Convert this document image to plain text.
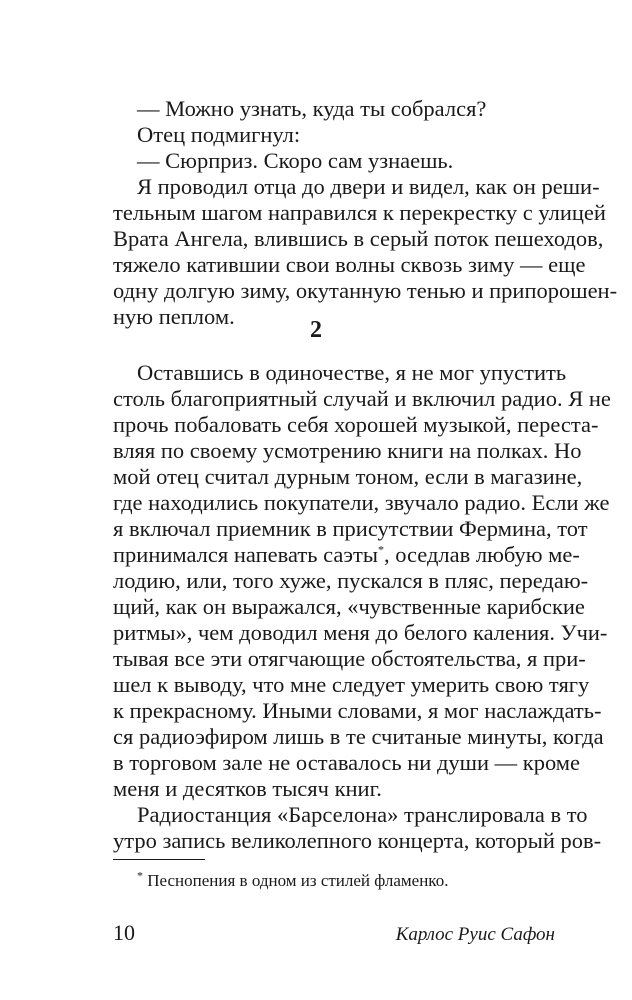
— Можно узнать, куда ты собрался?
Отец подмигнул:
— Сюрприз. Скоро сам узнаешь.
Я проводил отца до двери и видел, как он реши-
тельным шагом направился к перекрестку с улицей
Врата Ангела, влившись в серый поток пешеходов,
тяжело катившии свои волны сквозь зиму — еще
одну долгую зиму, окутанную тенью и припорошен-
ную пеплом.
2
Оставшись в одиночестве, я не мог упустить
столь благоприятный случай и включил радио. Я не
прочь побаловать себя хорошей музыкой, переста-
вляя по своему усмотрению книги на полках. Но
мой отец считал дурным тоном, если в магазине,
где находились покупатели, звучало радио. Если же
я включал приемник в присутствии Фермина, тот
принимался напевать саэты*, оседлав любую ме-
лодию, или, того хуже, пускался в пляс, передаю-
щий, как он выражался, «чувственные карибские
ритмы», чем доводил меня до белого каления. Учи-
тывая все эти отягчающие обстоятельства, я при-
шел к выводу, что мне следует умерить свою тягу
к прекрасному. Иными словами, я мог наслаждать-
ся радиоэфиром лишь в те считаные минуты, когда
в торговом зале не оставалось ни души — кроме
меня и десятков тысяч книг.
Радиостанция «Барселона» транслировала в то
утро запись великолепного концерта, который ров-
* Песнопения в одном из стилей фламенко.
10	Карлос Руис Сафон
